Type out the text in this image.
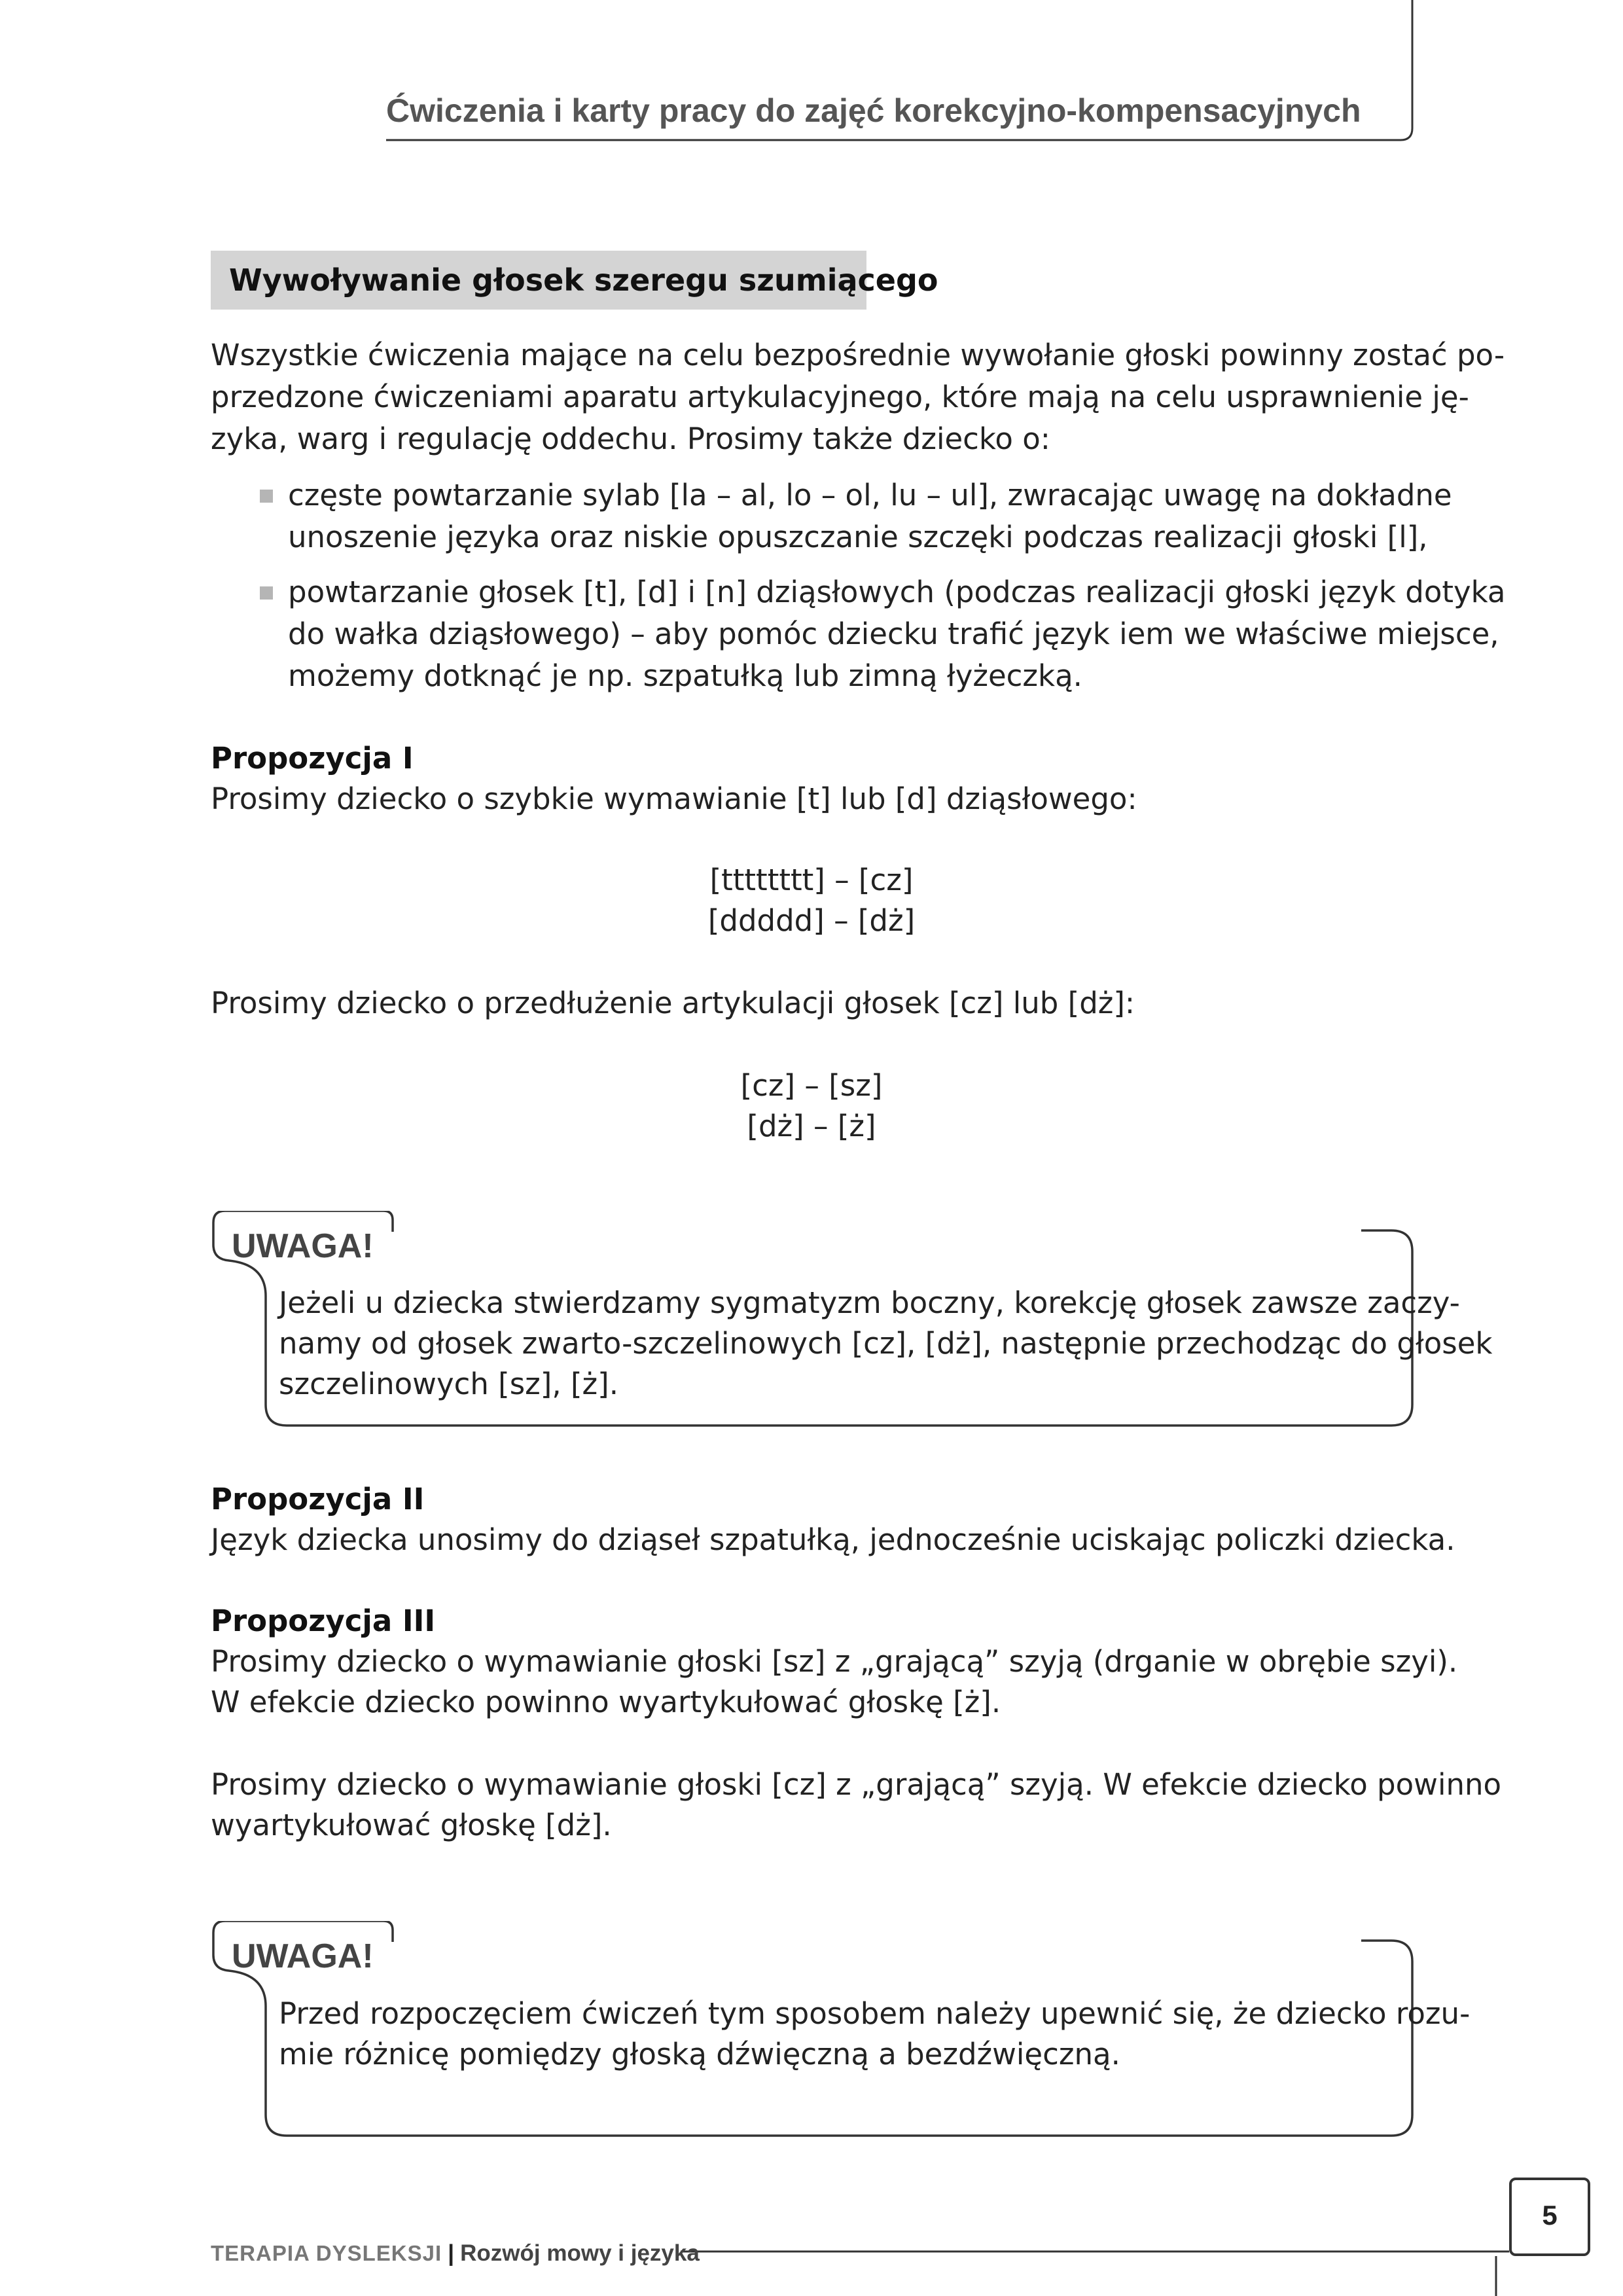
Ćwiczenia i karty pracy do zajęć korekcyjno-kompensacyjnych
Wywoływanie głosek szeregu szumiącego
Wszystkie ćwiczenia mające na celu bezpośrednie wywołanie głoski powinny zostać po-
przedzone ćwiczeniami aparatu artykulacyjnego, które mają na celu usprawnienie ję-
zyka, warg i regulację oddechu. Prosimy także dziecko o:
częste powtarzanie sylab [la – al, lo – ol, lu – ul], zwracając uwagę na dokładne
unoszenie języka oraz niskie opuszczanie szczęki podczas realizacji głoski [l],
powtarzanie głosek [t], [d] i [n] dziąsłowych (podczas realizacji głoski język dotyka
do wałka dziąsłowego) – aby pomóc dziecku trafić język iem we właściwe miejsce,
możemy dotknąć je np. szpatułką lub zimną łyżeczką.
Propozycja I
Prosimy dziecko o szybkie wymawianie [t] lub [d] dziąsłowego:
[tttttttt] – [cz]
[ddddd] – [dż]
Prosimy dziecko o przedłużenie artykulacji głosek [cz] lub [dż]:
[cz] – [sz]
[dż] – [ż]
UWAGA!
Jeżeli u dziecka stwierdzamy sygmatyzm boczny, korekcję głosek zawsze zaczy-
namy od głosek zwarto-szczelinowych [cz], [dż], następnie przechodząc do głosek
szczelinowych [sz], [ż].
Propozycja II
Język dziecka unosimy do dziąseł szpatułką, jednocześnie uciskając policzki dziecka.
Propozycja III
Prosimy dziecko o wymawianie głoski [sz] z „grającą” szyją (drganie w obrębie szyi).
W efekcie dziecko powinno wyartykułować głoskę [ż].
Prosimy dziecko o wymawianie głoski [cz] z „grającą” szyją. W efekcie dziecko powinno
wyartykułować głoskę [dż].
UWAGA!
Przed rozpoczęciem ćwiczeń tym sposobem należy upewnić się, że dziecko rozu-
mie różnicę pomiędzy głoską dźwięczną a bezdźwięczną.
TERAPIA DYSLEKSJI | Rozwój mowy i języka
5
